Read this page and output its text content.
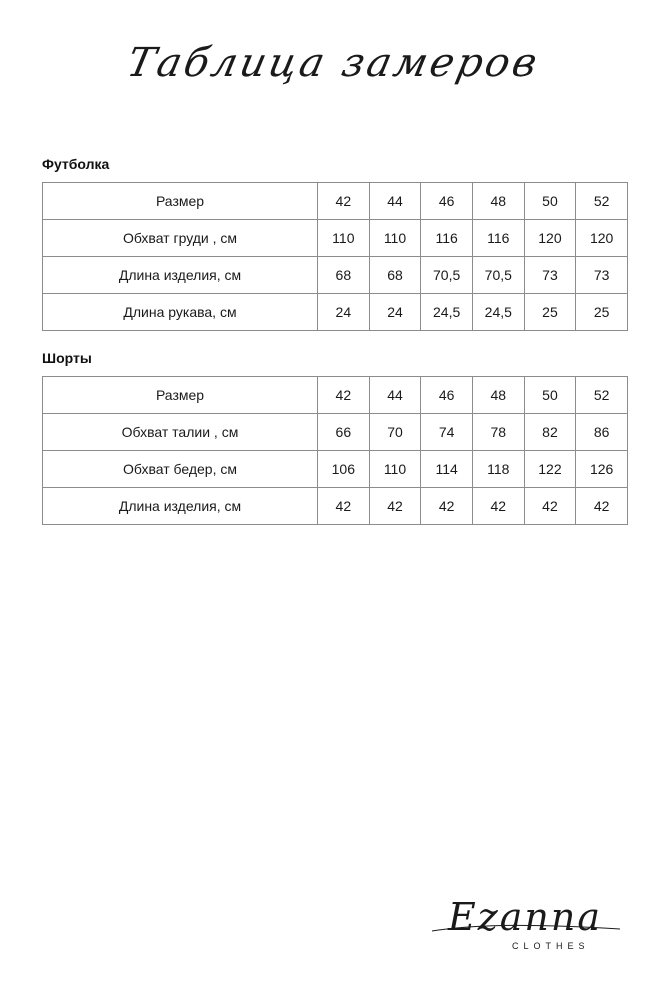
Таблица замеров
Футболка
Размер	42	44	46	48	50	52
Обхват груди , см	110	110	116	116	120	120
Длина изделия, см	68	68	70,5	70,5	73	73
Длина рукава, см	24	24	24,5	24,5	25	25
Шорты
Размер	42	44	46	48	50	52
Обхват талии , см	66	70	74	78	82	86
Обхват бедер, см	106	110	114	118	122	126
Длина изделия, см	42	42	42	42	42	42
Ezanna
CLOTHES
